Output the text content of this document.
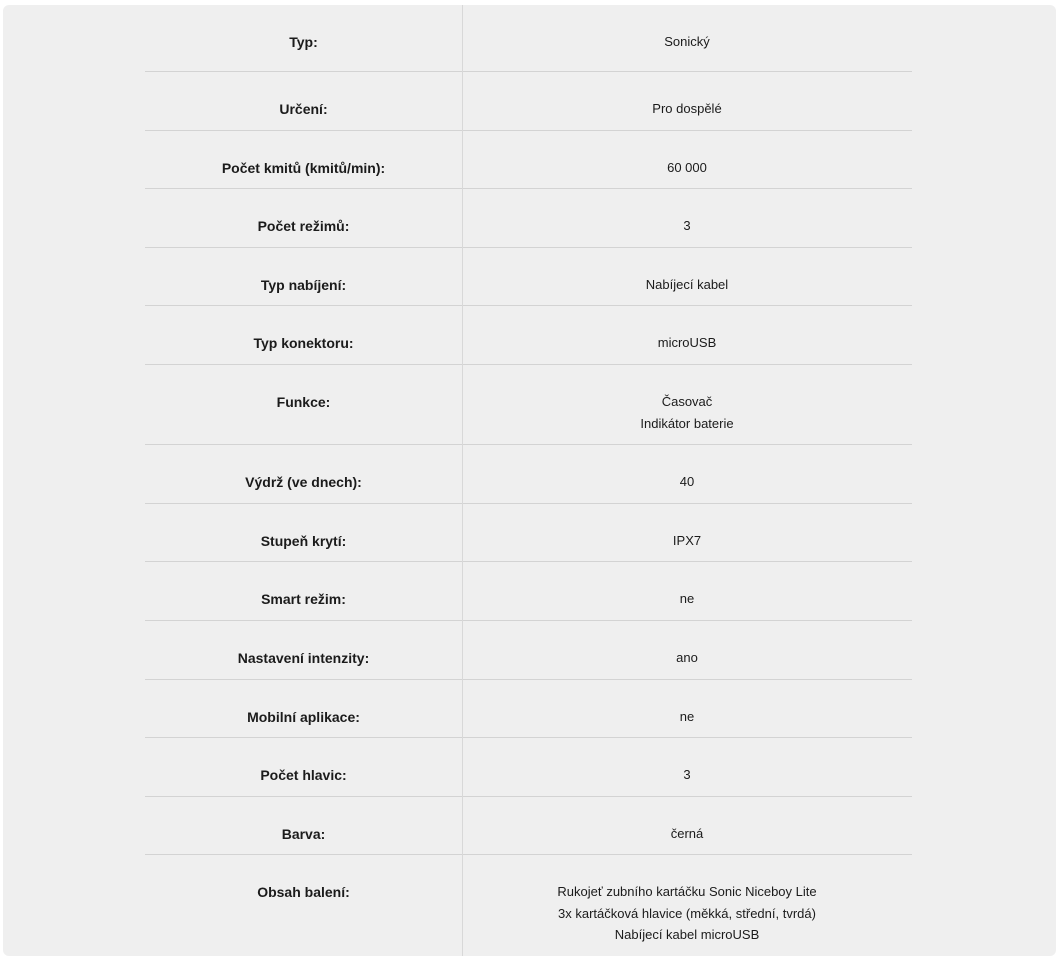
Typ:	Sonický
Určení:	Pro dospělé
Počet kmitů (kmitů/min):	60 000
Počet režimů:	3
Typ nabíjení:	Nabíjecí kabel
Typ konektoru:	microUSB
Funkce:	Časovač
Indikátor baterie
Výdrž (ve dnech):	40
Stupeň krytí:	IPX7
Smart režim:	ne
Nastavení intenzity:	ano
Mobilní aplikace:	ne
Počet hlavic:	3
Barva:	černá
Obsah balení:	Rukojeť zubního kartáčku Sonic Niceboy Lite
3x kartáčková hlavice (měkká, střední, tvrdá)
Nabíjecí kabel microUSB
